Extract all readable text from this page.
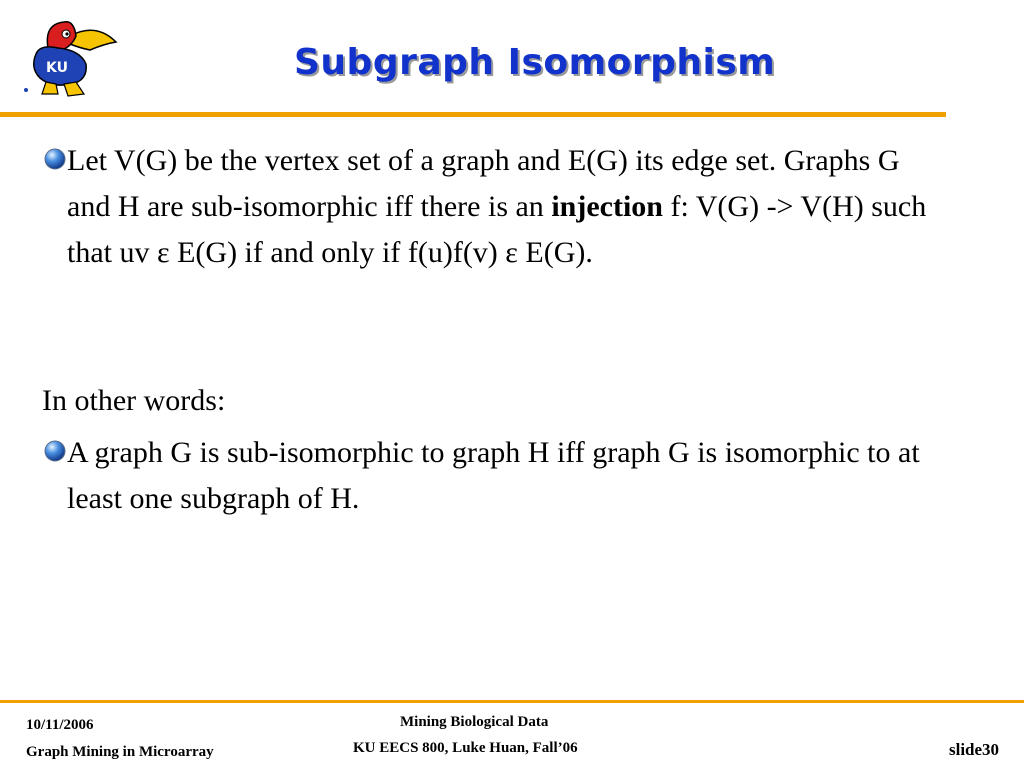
KU	Subgraph Isomorphism
Let V(G) be the vertex set of a graph and E(G) its edge set. Graphs G and H are sub-isomorphic iff there is an injection f: V(G) -> V(H) such that uv ε E(G) if and only if f(u)f(v) ε E(G).
In other words:
A graph G is sub-isomorphic to graph H iff graph G is isomorphic to at least one subgraph of H.
10/11/2006
Graph Mining in Microarray
Mining Biological Data
KU EECS 800, Luke Huan, Fall’06	slide30
